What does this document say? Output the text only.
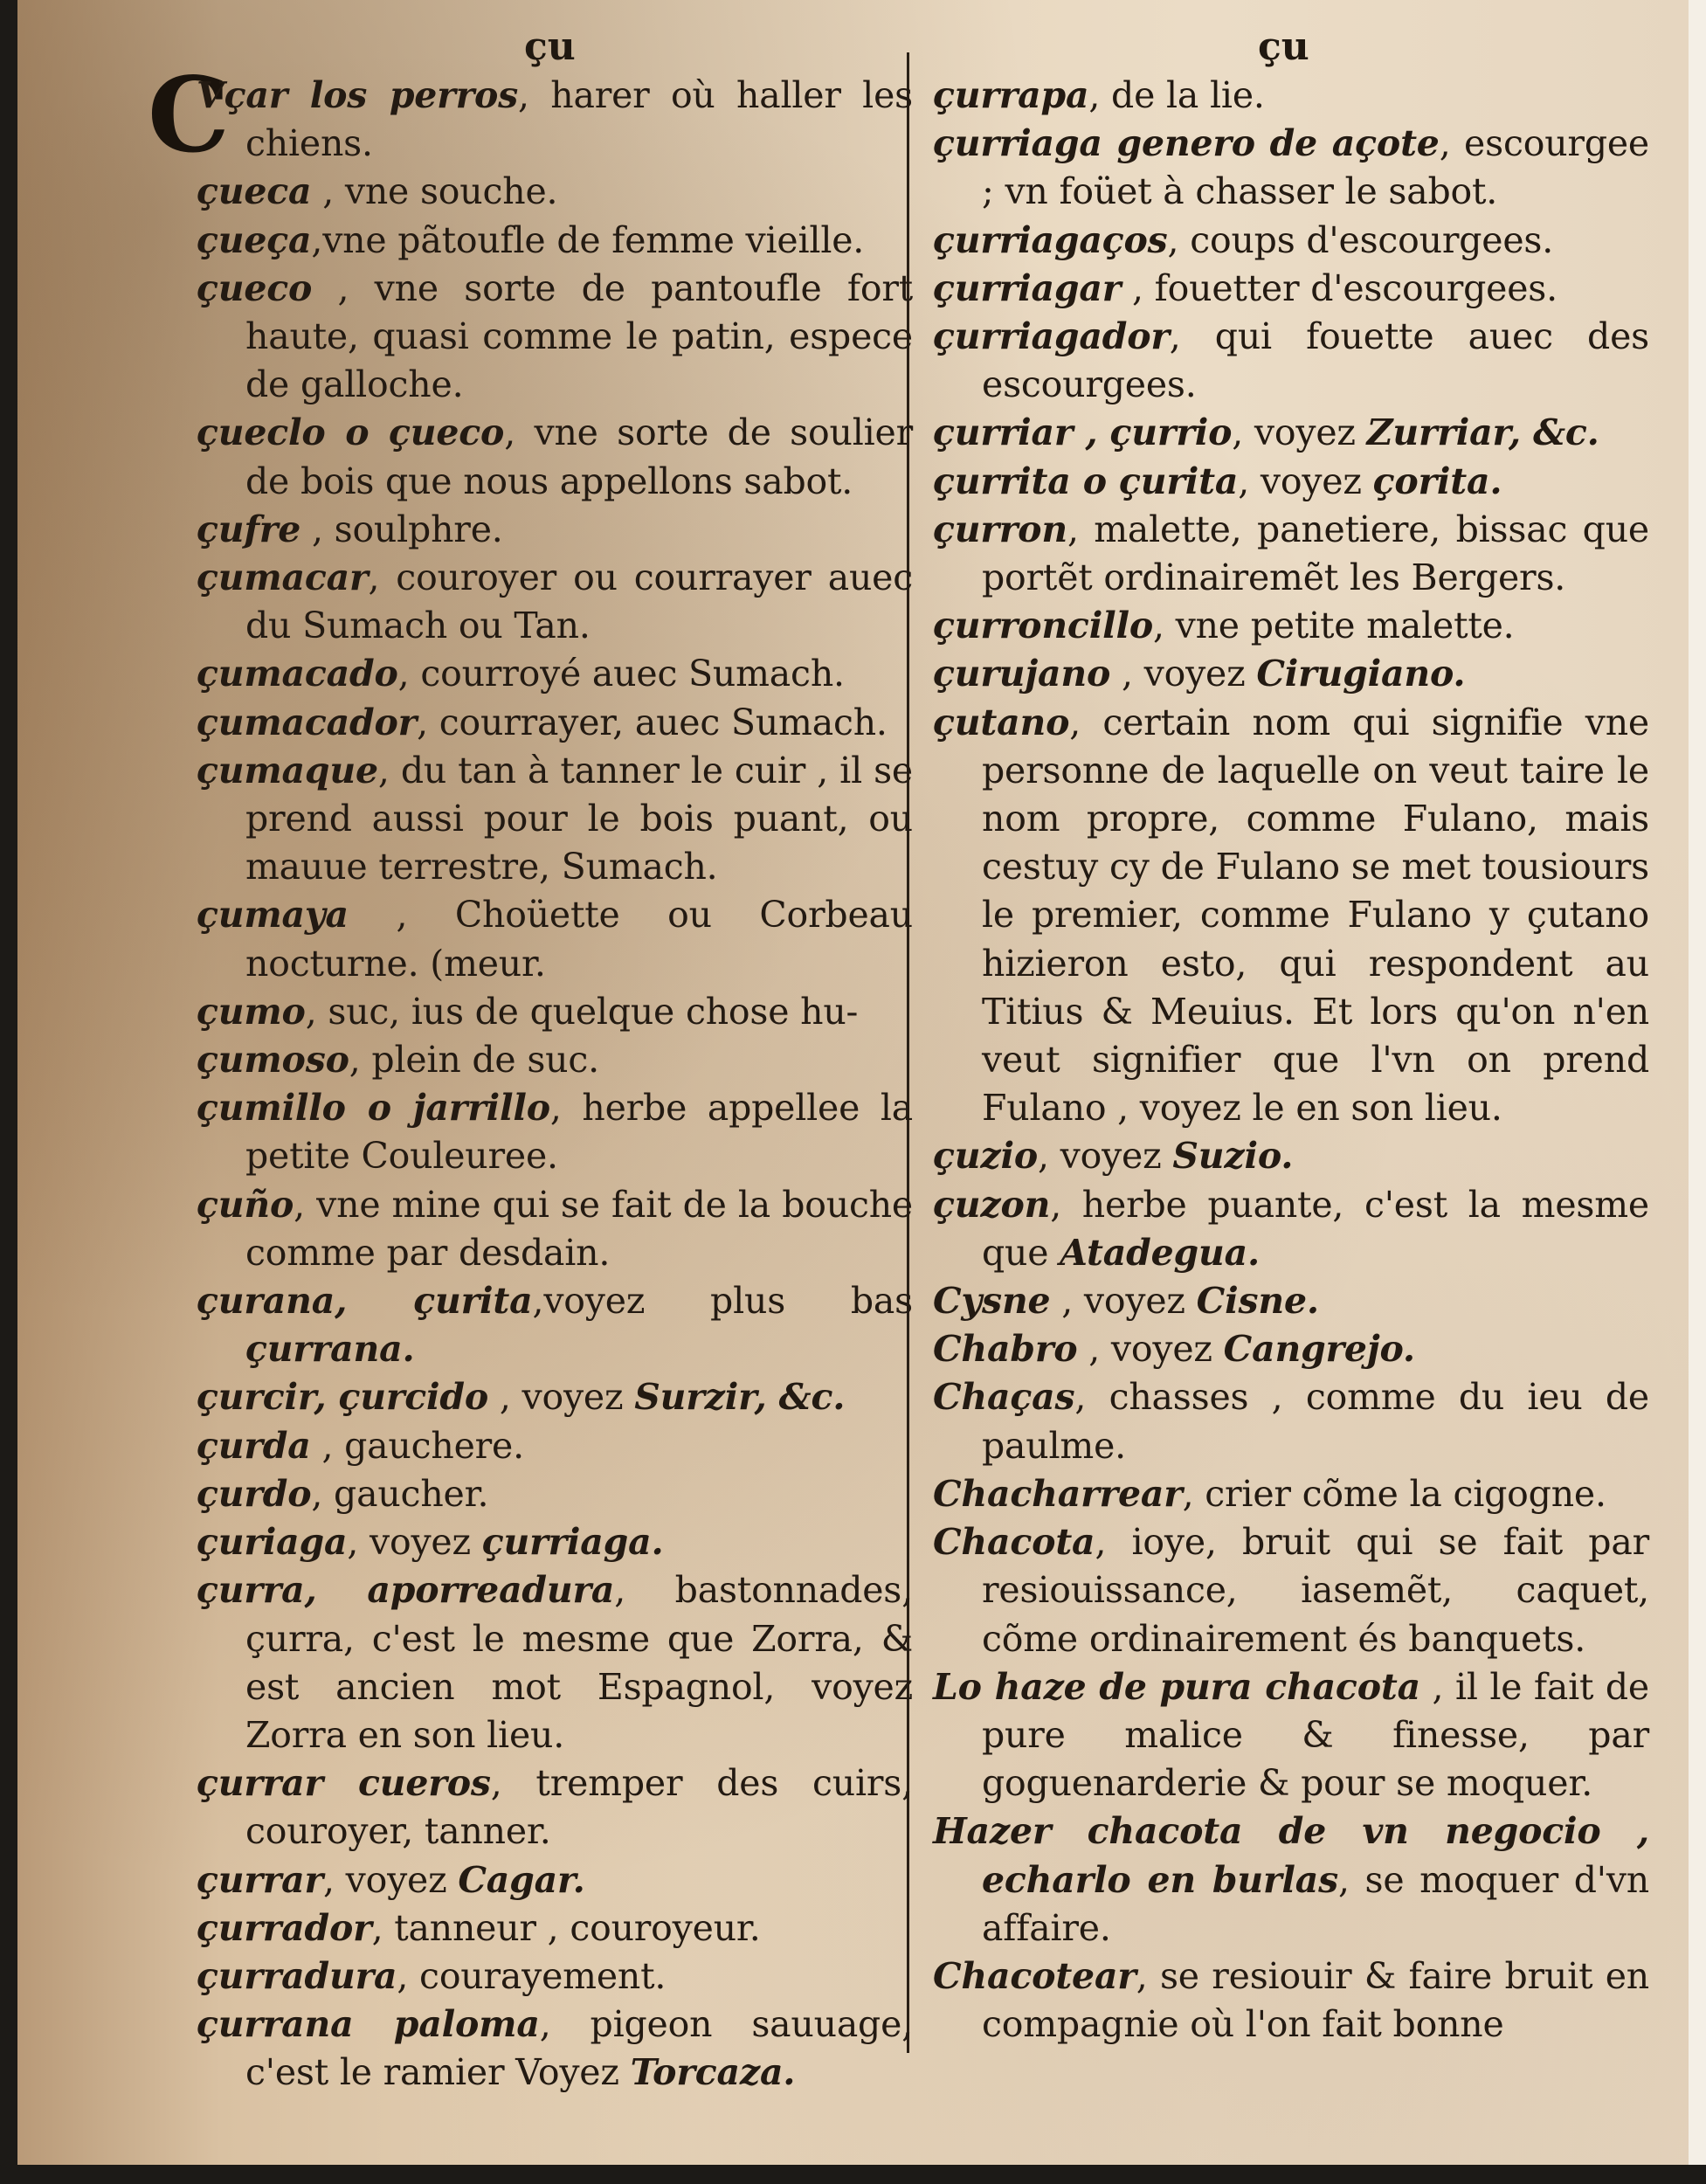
çu	çu
C
Vçar los perros, harer où haller les chiens.
çueca , vne souche.
çueça,vne pãtoufle de femme vieille.
çueco , vne sorte de pantoufle fort haute, quasi comme le patin, espece de galloche.
çueclo o çueco, vne sorte de soulier de bois que nous appellons sabot.
çufre , soulphre.
çumacar, couroyer ou courrayer auec du Sumach ou Tan.
çumacado, courroyé auec Sumach.
çumacador, courrayer, auec Sumach.
çumaque, du tan à tanner le cuir , il se prend aussi pour le bois puant, ou mauue terrestre, Sumach.
çumaya , Choüette ou Corbeau nocturne. (meur.
çumo, suc, ius de quelque chose hu-
çumoso, plein de suc.
çumillo o jarrillo, herbe appellee la petite Couleuree.
çuño, vne mine qui se fait de la bouche comme par desdain.
çurana, çurita,voyez plus bas çurrana.
çurcir, çurcido , voyez Surzir, &c.
çurda , gauchere.
çurdo, gaucher.
çuriaga, voyez çurriaga.
çurra, aporreadura, bastonnades, çurra, c'est le mesme que Zorra, & est ancien mot Espagnol, voyez Zorra en son lieu.
çurrar cueros, tremper des cuirs, couroyer, tanner.
çurrar, voyez Cagar.
çurrador, tanneur , couroyeur.
çurradura, courayement.
çurrana paloma, pigeon sauuage, c'est le ramier Voyez Torcaza.
çurrapa, de la lie.
çurriaga genero de açote, escourgee ; vn foüet à chasser le sabot.
çurriagaços, coups d'escourgees.
çurriagar , fouetter d'escourgees.
çurriagador, qui fouette auec des escourgees.
çurriar , çurrio, voyez Zurriar, &c.
çurrita o çurita, voyez çorita.
çurron, malette, panetiere, bissac que portẽt ordinairemẽt les Bergers.
çurroncillo, vne petite malette.
çurujano , voyez Cirugiano.
çutano, certain nom qui signifie vne personne de laquelle on veut taire le nom propre, comme Fulano, mais cestuy cy de Fulano se met tousiours le premier, comme Fulano y çutano hizieron esto, qui respondent au Titius & Meuius. Et lors qu'on n'en veut signifier que l'vn on prend Fulano , voyez le en son lieu.
çuzio, voyez Suzio.
çuzon, herbe puante, c'est la mesme que Atadegua.
Cysne , voyez Cisne.
Chabro , voyez Cangrejo.
Chaças, chasses , comme du ieu de paulme.
Chacharrear, crier cõme la cigogne.
Chacota, ioye, bruit qui se fait par resiouissance, iasemẽt, caquet, cõme ordinairement és banquets.
Lo haze de pura chacota , il le fait de pure malice & finesse, par goguenarderie & pour se moquer.
Hazer chacota de vn negocio , echarlo en burlas, se moquer d'vn affaire.
Chacotear, se resiouir & faire bruit en compagnie où l'on fait bonne
